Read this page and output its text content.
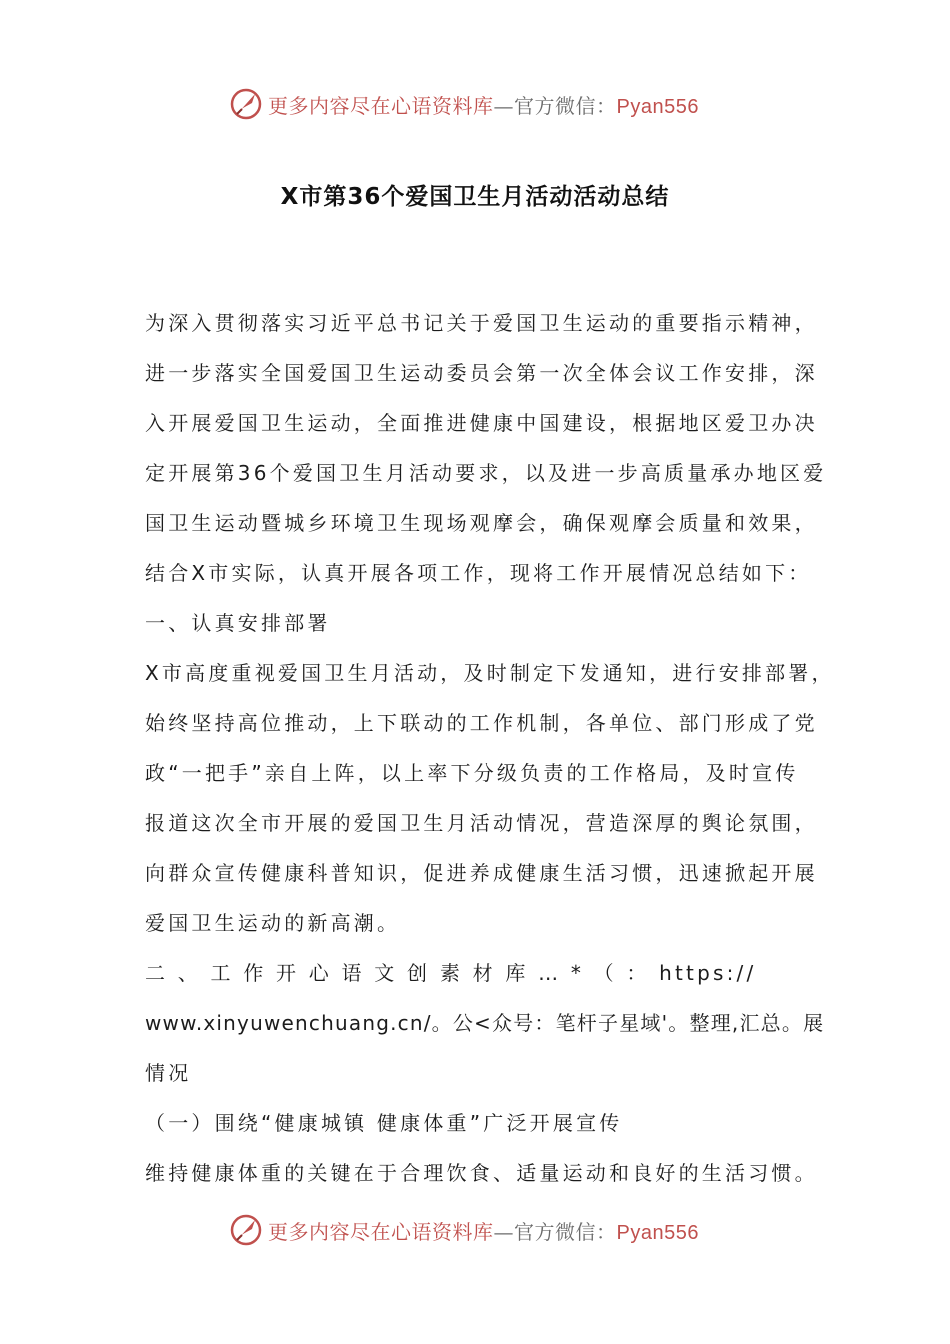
更多内容尽在心语资料库—官方微信：Pyan556
X市第36个爱国卫生月活动活动总结
为深入贯彻落实习近平总书记关于爱国卫生运动的重要指示精神，
进一步落实全国爱国卫生运动委员会第一次全体会议工作安排，深
入开展爱国卫生运动，全面推进健康中国建设，根据地区爱卫办决
定开展第36个爱国卫生月活动要求，以及进一步高质量承办地区爱
国卫生运动暨城乡环境卫生现场观摩会，确保观摩会质量和效果，
结合X市实际，认真开展各项工作，现将工作开展情况总结如下：
一、认真安排部署
X市高度重视爱国卫生月活动，及时制定下发通知，进行安排部署，
始终坚持高位推动，上下联动的工作机制，各单位、部门形成了党
政“一把手”亲自上阵，以上率下分级负责的工作格局，及时宣传
报道这次全市开展的爱国卫生月活动情况，营造深厚的舆论氛围，
向群众宣传健康科普知识，促进养成健康生活习惯，迅速掀起开展
爱国卫生运动的新高潮。
二 、 工 作 开 心 语 文 创 素 材 库 … * （ ： https://
www.xinyuwenchuang.cn/。公<众号：笔杆子星域'。整理,汇总。展
情况
（一）围绕“健康城镇 健康体重”广泛开展宣传
维持健康体重的关键在于合理饮食、适量运动和良好的生活习惯。
更多内容尽在心语资料库—官方微信：Pyan556
